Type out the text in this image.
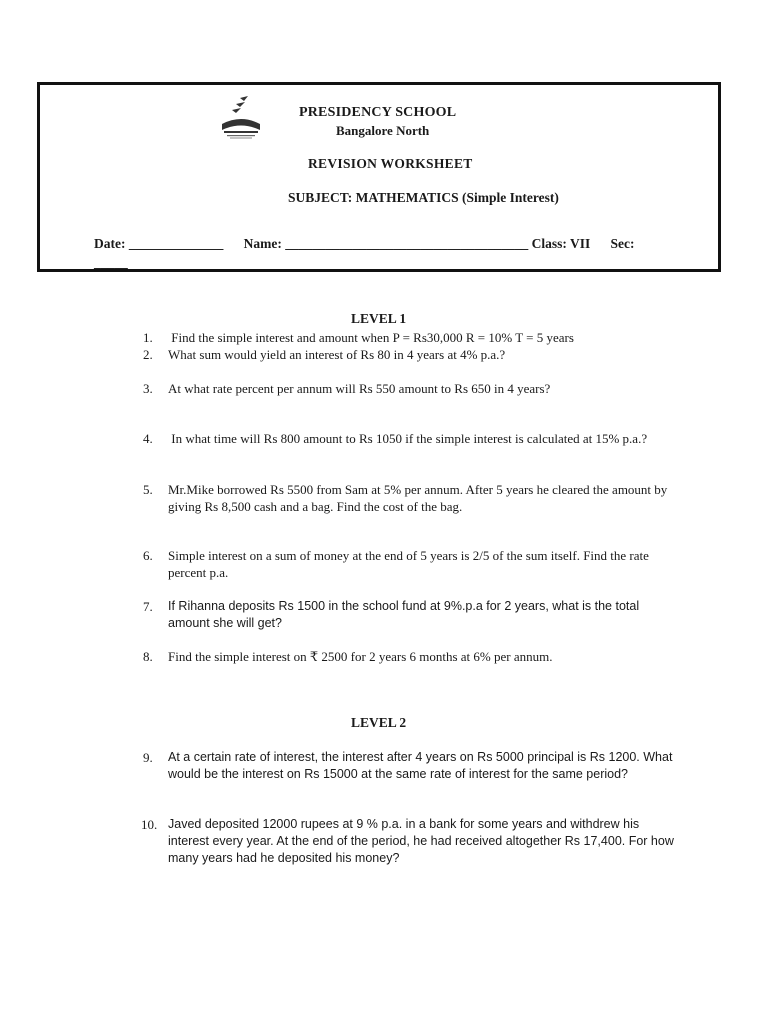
PRESIDENCY SCHOOL
Bangalore North
REVISION WORKSHEET
SUBJECT: MATHEMATICS (Simple Interest)
Date: ______________      Name: ____________________________________ Class: VII      Sec:
_____
LEVEL 1
1. Find the simple interest and amount when P = Rs30,000 R = 10% T = 5 years
2. What sum would yield an interest of Rs 80 in 4 years at 4% p.a.?
3. At what rate percent per annum will Rs 550 amount to Rs 650 in 4 years?
4. In what time will Rs 800 amount to Rs 1050 if the simple interest is calculated at 15% p.a.?
5. Mr.Mike borrowed Rs 5500 from Sam at 5% per annum. After 5 years he cleared the amount by giving Rs 8,500 cash and a bag. Find the cost of the bag.
6. Simple interest on a sum of money at the end of 5 years is 2/5 of the sum itself. Find the rate percent p.a.
7. If Rihanna deposits Rs 1500 in the school fund at 9%.p.a for 2 years, what is the total amount she will get?
8. Find the simple interest on ₹ 2500 for 2 years 6 months at 6% per annum.
LEVEL 2
9. At a certain rate of interest, the interest after 4 years on Rs 5000 principal is Rs 1200. What would be the interest on Rs 15000 at the same rate of interest for the same period?
10. Javed deposited 12000 rupees at 9 % p.a. in a bank for some years and withdrew his interest every year. At the end of the period, he had received altogether Rs 17,400. For how many years had he deposited his money?
